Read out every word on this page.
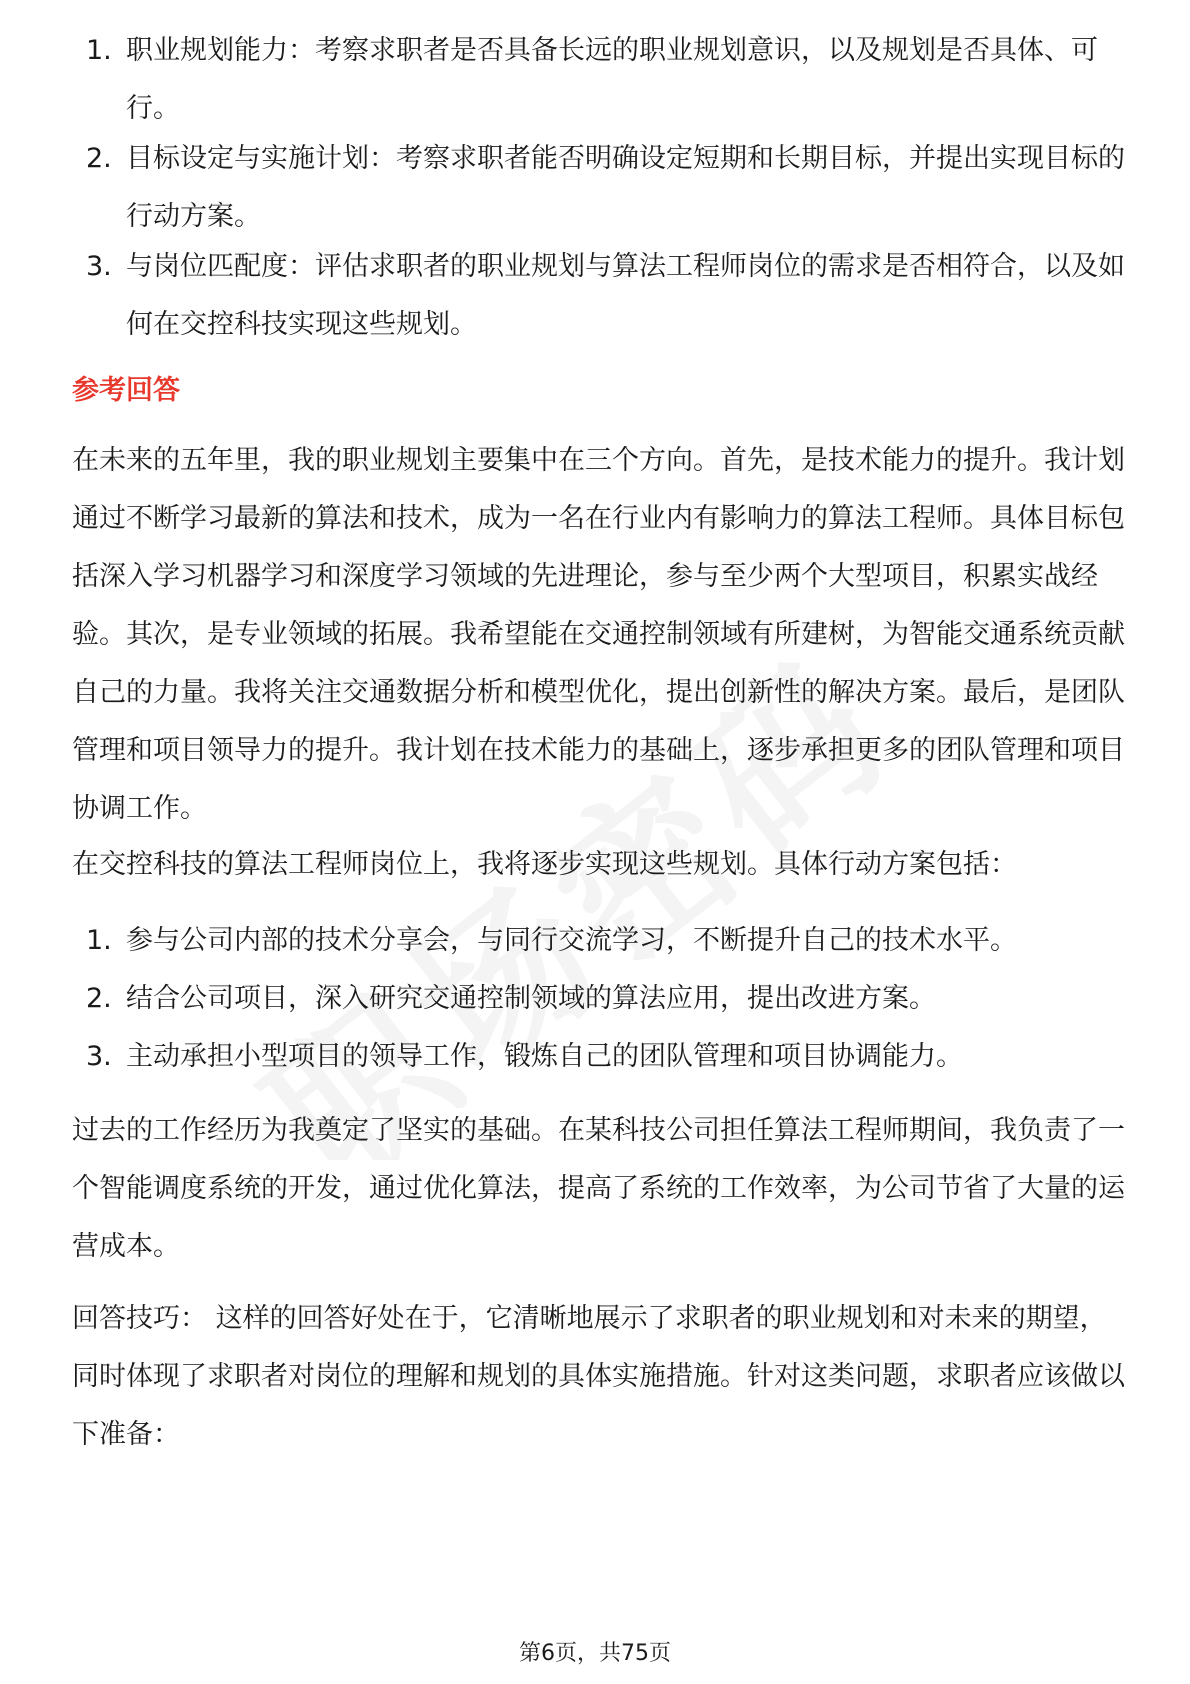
1. 职业规划能力：考察求职者是否具备长远的职业规划意识，以及规划是否具体、可行。
2. 目标设定与实施计划：考察求职者能否明确设定短期和长期目标，并提出实现目标的行动方案。
3. 与岗位匹配度：评估求职者的职业规划与算法工程师岗位的需求是否相符合，以及如何在交控科技实现这些规划。
参考回答

在未来的五年里，我的职业规划主要集中在三个方向。首先，是技术能力的提升。我计划通过不断学习最新的算法和技术，成为一名在行业内有影响力的算法工程师。具体目标包括深入学习机器学习和深度学习领域的先进理论，参与至少两个大型项目，积累实战经验。其次，是专业领域的拓展。我希望能在交通控制领域有所建树，为智能交通系统贡献自己的力量。我将关注交通数据分析和模型优化，提出创新性的解决方案。最后，是团队管理和项目领导力的提升。我计划在技术能力的基础上，逐步承担更多的团队管理和项目协调工作。

在交控科技的算法工程师岗位上，我将逐步实现这些规划。具体行动方案包括：

1. 参与公司内部的技术分享会，与同行交流学习，不断提升自己的技术水平。
2. 结合公司项目，深入研究交通控制领域的算法应用，提出改进方案。
3. 主动承担小型项目的领导工作，锻炼自己的团队管理和项目协调能力。

过去的工作经历为我奠定了坚实的基础。在某科技公司担任算法工程师期间，我负责了一个智能调度系统的开发，通过优化算法，提高了系统的工作效率，为公司节省了大量的运营成本。

回答技巧： 这样的回答好处在于，它清晰地展示了求职者的职业规划和对未来的期望，同时体现了求职者对岗位的理解和规划的具体实施措施。针对这类问题，求职者应该做以下准备：

第6页，共75页
